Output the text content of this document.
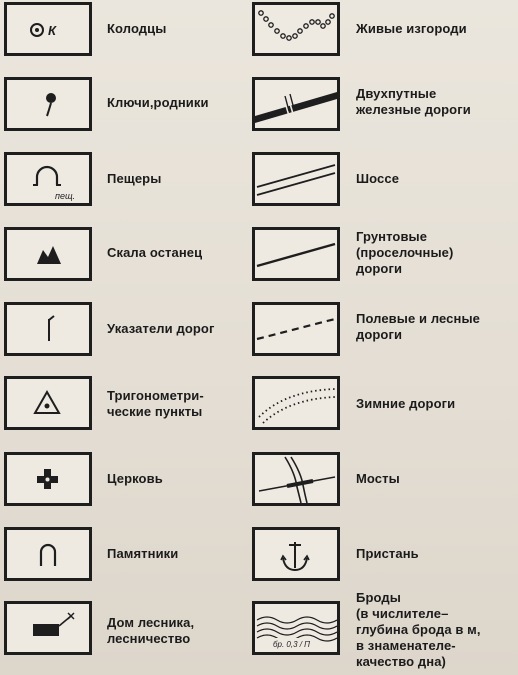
К	Колодцы
Ключи,родники
пещ.
Пещеры
Скала останец
Указатели дорог
Тригонометри-
ческие пункты
Церковь
Памятники
Дом лесника,
лесничество
Живые изгороди
Двухпутные
железные дороги
Шоссе
Грунтовые
(проселочные)
дороги
Полевые и лесные
дороги
Зимние дороги
Мосты
Пристань
бр. 0,3 / П
Броды
(в числителе–
глубина брода в м,
в знаменателе-
качество дна)
